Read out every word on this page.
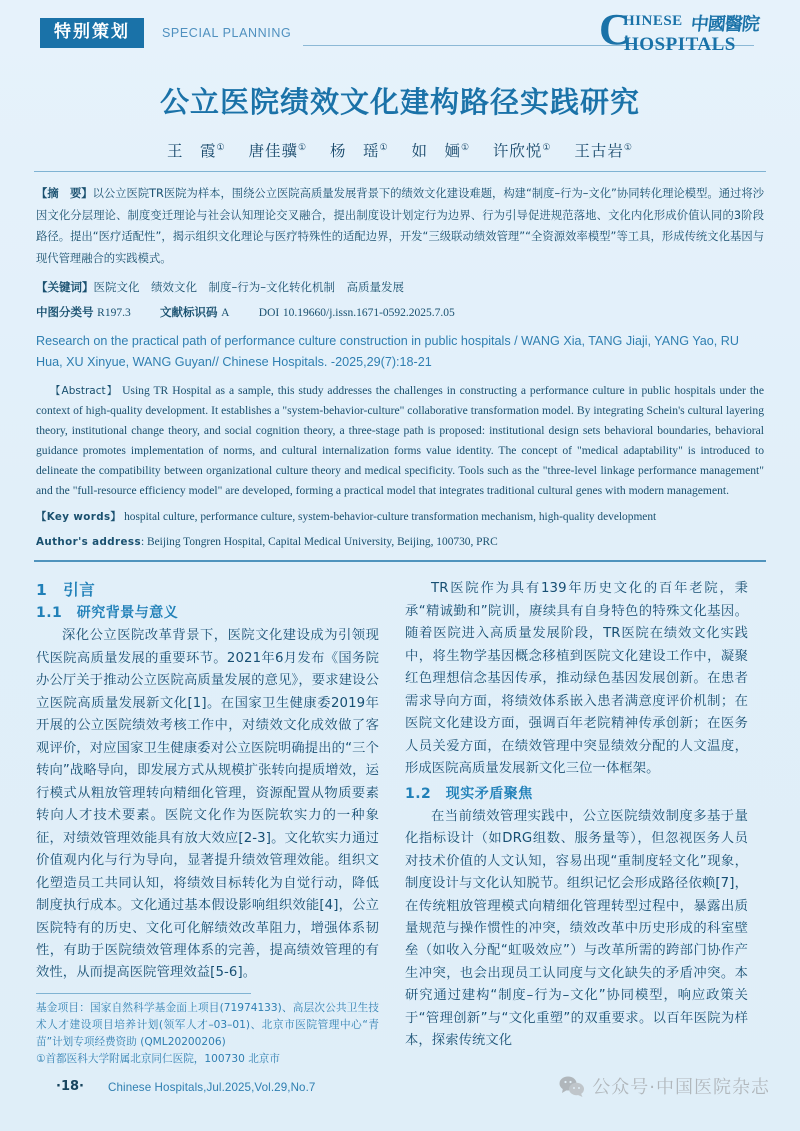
特别策划	SPECIAL PLANNING	C
HINESE 中國醫院
HOSPITALS
公立医院绩效文化建构路径实践研究
王　霞① 唐佳骥① 杨　瑶① 如　婳① 许欣悦① 王古岩①

【摘　要】以公立医院TR医院为样本，围绕公立医院高质量发展背景下的绩效文化建设难题，构建“制度–行为–文化”协同转化理论模型。通过将沙因文化分层理论、制度变迁理论与社会认知理论交叉融合，提出制度设计划定行为边界、行为引导促进规范落地、文化内化形成价值认同的3阶段路径。提出“医疗适配性”，揭示组织文化理论与医疗特殊性的适配边界，开发“三级联动绩效管理”“全资源效率模型”等工具，形成传统文化基因与现代管理融合的实践模式。

【关键词】医院文化　绩效文化　制度–行为–文化转化机制　高质量发展
中图分类号 R197.3	文献标识码 A	DOI 10.19660/j.issn.1671-0592.2025.7.05
Research on the practical path of performance culture construction in public hospitals / WANG Xia, TANG Jiaji, YANG Yao, RU Hua, XU Xinyue, WANG Guyan// Chinese Hospitals. -2025,29(7):18-21

【Abstract】 Using TR Hospital as a sample, this study addresses the challenges in constructing a performance culture in public hospitals under the context of high-quality development. It establishes a "system-behavior-culture" collaborative transformation model. By integrating Schein's cultural layering theory, institutional change theory, and social cognition theory, a three-stage path is proposed: institutional design sets behavioral boundaries, behavioral guidance promotes implementation of norms, and cultural internalization forms value identity. The concept of "medical adaptability" is introduced to delineate the compatibility between organizational culture theory and medical specificity. Tools such as the "three-level linkage performance management" and the "full-resource efficiency model" are developed, forming a practical model that integrates traditional cultural genes with modern management.

【Key words】 hospital culture, performance culture, system-behavior-culture transformation mechanism, high-quality development
Author's address: Beijing Tongren Hospital, Capital Medical University, Beijing, 100730, PRC
1　引言
1.1　研究背景与意义

深化公立医院改革背景下，医院文化建设成为引领现代医院高质量发展的重要环节。2021年6月发布《国务院办公厅关于推动公立医院高质量发展的意见》，要求建设公立医院高质量发展新文化[1]。在国家卫生健康委2019年开展的公立医院绩效考核工作中，对绩效文化成效做了客观评价，对应国家卫生健康委对公立医院明确提出的“三个转向”战略导向，即发展方式从规模扩张转向提质增效，运行模式从粗放管理转向精细化管理，资源配置从物质要素转向人才技术要素。医院文化作为医院软实力的一种象征，对绩效管理效能具有放大效应[2-3]。文化软实力通过价值观内化与行为导向，显著提升绩效管理效能。组织文化塑造员工共同认知，将绩效目标转化为自觉行动，降低制度执行成本。文化通过基本假设影响组织效能[4]，公立医院特有的历史、文化可化解绩效改革阻力，增强体系韧性，有助于医院绩效管理体系的完善，提高绩效管理的有效性，从而提高医院管理效益[5-6]。

基金项目：国家自然科学基金面上项目(71974133)、高层次公共卫生技术人才建设项目培养计划(领军人才–03–01)、北京市医院管理中心“青苗”计划专项经费资助 (QML20200206)
①首都医科大学附属北京同仁医院，100730 北京市

TR医院作为具有139年历史文化的百年老院，秉承“精诚勤和”院训，赓续具有自身特色的特殊文化基因。随着医院进入高质量发展阶段，TR医院在绩效文化实践中，将生物学基因概念移植到医院文化建设工作中，凝聚红色理想信念基因传承，推动绿色基因发展创新。在患者需求导向方面，将绩效体系嵌入患者满意度评价机制；在医院文化建设方面，强调百年老院精神传承创新；在医务人员关爱方面，在绩效管理中突显绩效分配的人文温度，形成医院高质量发展新文化三位一体框架。

1.2　现实矛盾聚焦

在当前绩效管理实践中，公立医院绩效制度多基于量化指标设计（如DRG组数、服务量等），但忽视医务人员对技术价值的人文认知，容易出现“重制度轻文化”现象，制度设计与文化认知脱节。组织记忆会形成路径依赖[7]，在传统粗放管理模式向精细化管理转型过程中，暴露出质量规范与操作惯性的冲突，绩效改革中历史形成的科室壁垒（如收入分配“虹吸效应”）与改革所需的跨部门协作产生冲突，也会出现员工认同度与文化缺失的矛盾冲突。本研究通过建构“制度–行为–文化”协同模型，响应政策关于“管理创新”与“文化重塑”的双重要求。以百年医院为样本，探索传统文化

·18· Chinese Hospitals,Jul.2025,Vol.29,No.7	公众号·中国医院杂志
